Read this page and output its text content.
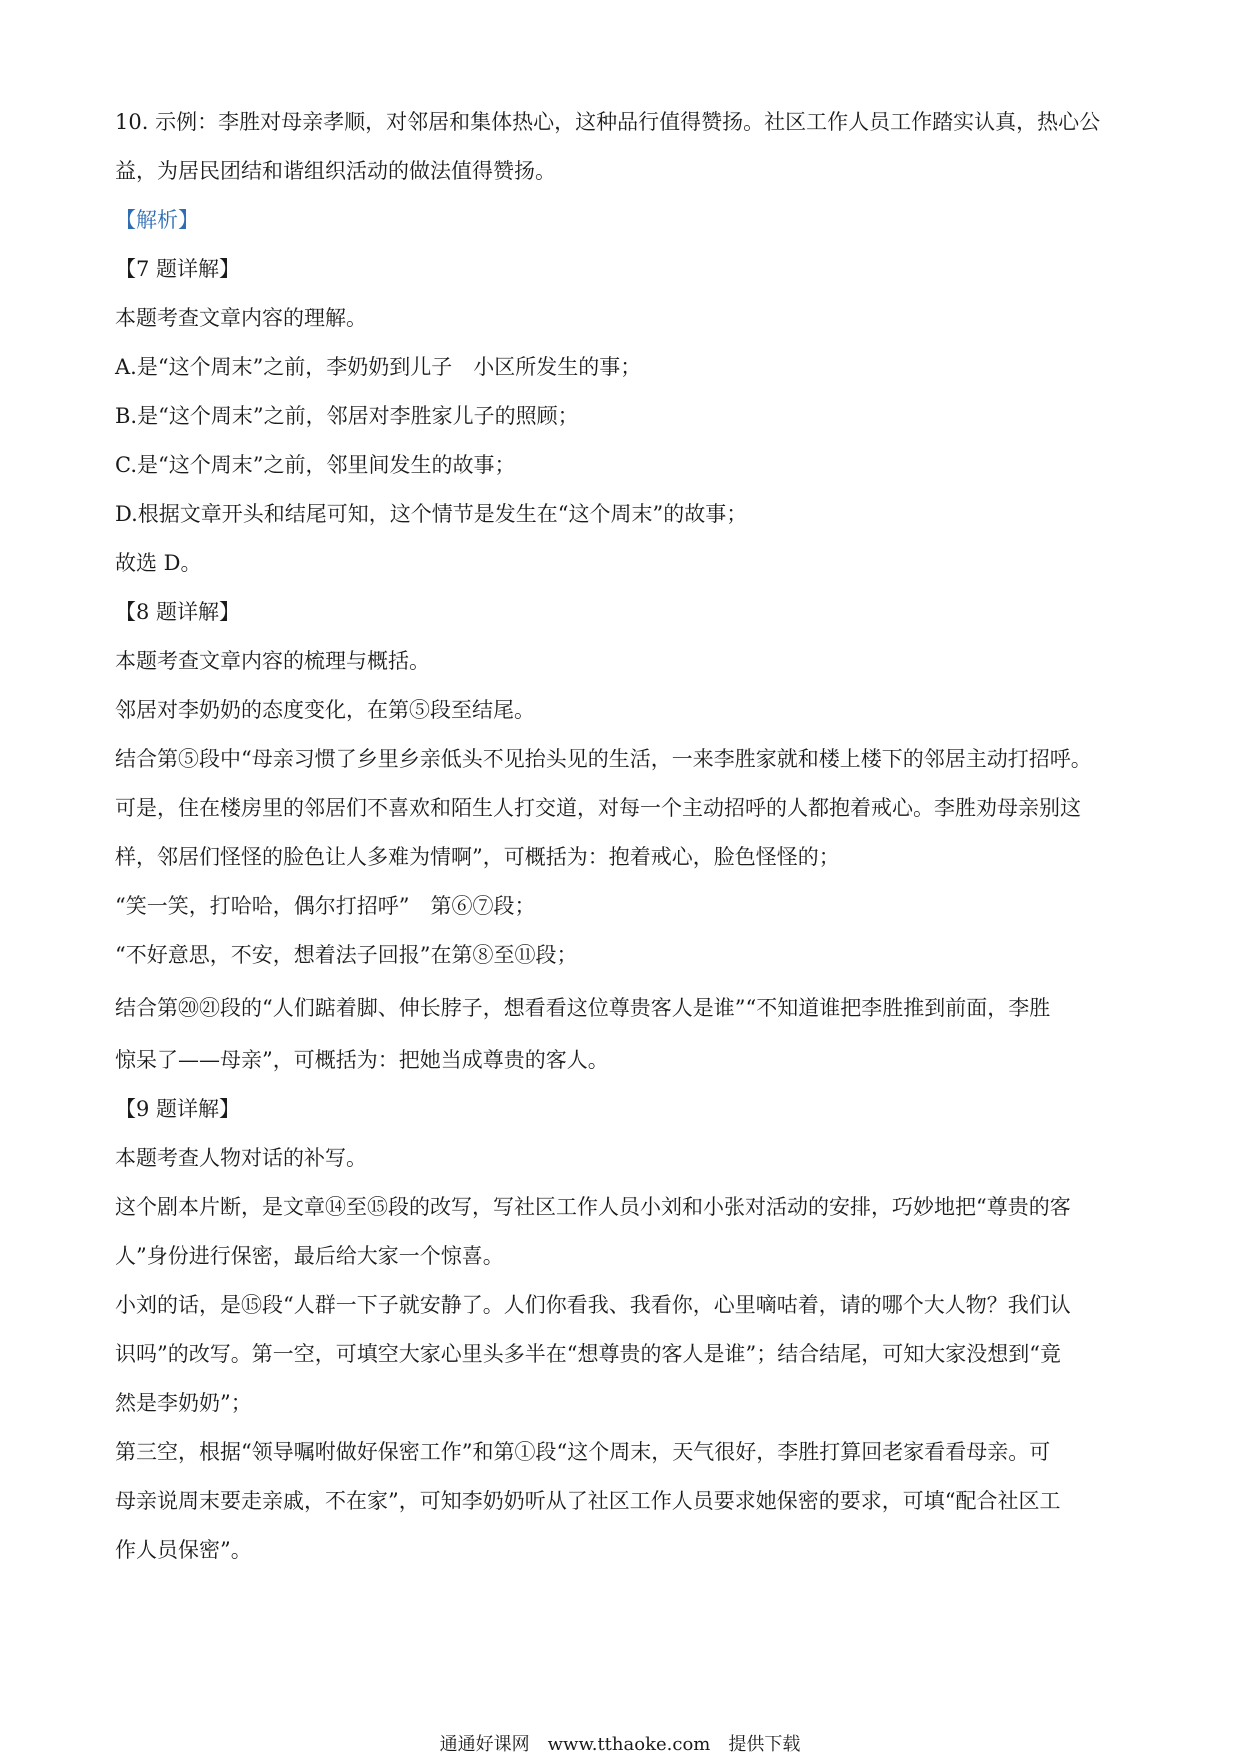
10. 示例：李胜对母亲孝顺，对邻居和集体热心，这种品行值得赞扬。社区工作人员工作踏实认真，热心公

益，为居民团结和谐组织活动的做法值得赞扬。

【解析】

【7 题详解】

本题考查文章内容的理解。

A.是“这个周末”之前，李奶奶到儿子　小区所发生的事；

B.是“这个周末”之前，邻居对李胜家儿子的照顾；

C.是“这个周末”之前，邻里间发生的故事；

D.根据文章开头和结尾可知，这个情节是发生在“这个周末”的故事；

故选 D。

【8 题详解】

本题考查文章内容的梳理与概括。

邻居对李奶奶的态度变化，在第⑤段至结尾。

结合第⑤段中“母亲习惯了乡里乡亲低头不见抬头见的生活，一来李胜家就和楼上楼下的邻居主动打招呼。

可是，住在楼房里的邻居们不喜欢和陌生人打交道，对每一个主动招呼的人都抱着戒心。李胜劝母亲别这

样，邻居们怪怪的脸色让人多难为情啊”，可概括为：抱着戒心，脸色怪怪的；

“笑一笑，打哈哈，偶尔打招呼”　第⑥⑦段；

“不好意思，不安，想着法子回报”在第⑧至⑪段；

结合第⑳㉑段的“人们踮着脚、伸长脖子，想看看这位尊贵客人是谁”“不知道谁把李胜推到前面，李胜

惊呆了——母亲”，可概括为：把她当成尊贵的客人。

【9 题详解】

本题考查人物对话的补写。

这个剧本片断，是文章⑭至⑮段的改写，写社区工作人员小刘和小张对活动的安排，巧妙地把“尊贵的客

人”身份进行保密，最后给大家一个惊喜。

小刘的话，是⑮段“人群一下子就安静了。人们你看我、我看你，心里嘀咕着，请的哪个大人物？我们认

识吗”的改写。第一空，可填空大家心里头多半在“想尊贵的客人是谁”；结合结尾，可知大家没想到“竟

然是李奶奶”；

第三空，根据“领导嘱咐做好保密工作”和第①段“这个周末，天气很好，李胜打算回老家看看母亲。可

母亲说周末要走亲戚，不在家”，可知李奶奶听从了社区工作人员要求她保密的要求，可填“配合社区工

作人员保密”。

通通好课网　www.tthaoke.com　提供下载
